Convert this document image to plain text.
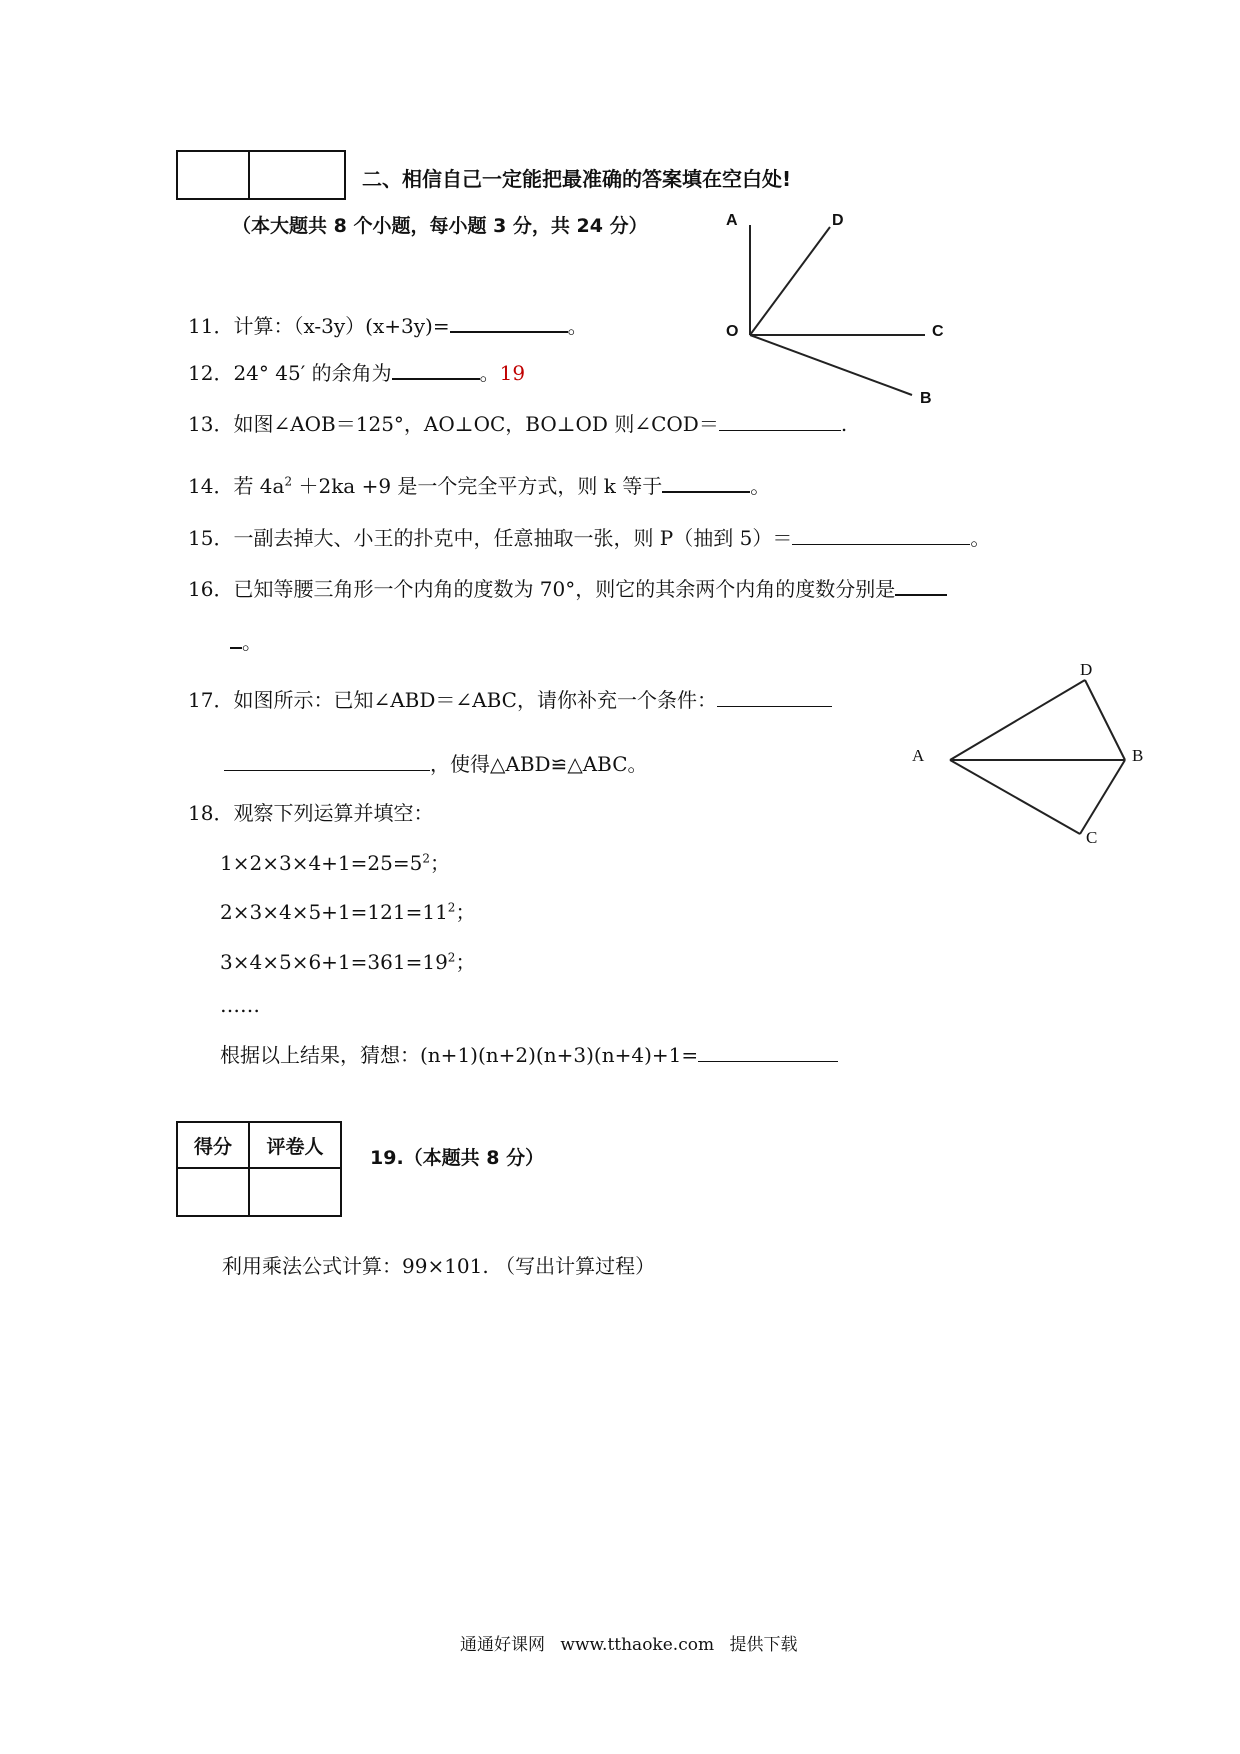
二、相信自己一定能把最准确的答案填在空白处!
（本大题共 8 个小题，每小题 3 分，共 24 分）	A	D
O	C
B
11．计算：（x-3y）(x+3y)=	。
12．24° 45′ 的余角为	。19
13．如图∠AOB＝125°，AO⊥OC，BO⊥OD 则∠COD＝	.
14．若 $4a^2 +2ka +9$ 是一个完全平方式，则 k 等于	。
15．一副去掉大、小王的扑克中，任意抽取一张，则 P（抽到 5）＝	。
16．已知等腰三角形一个内角的度数为 70°，则它的其余两个内角的度数分别是
。
17．如图所示：已知∠ABD＝∠ABC，请你补充一个条件：
，使得△ABD≌△ABC。	A	B
C
D
18．观察下列运算并填空：
$1\times 2\times 3\times 4+1=25=5^2$；
$2\times 3\times 4\times 5+1=121=11^2$；
$3\times 4\times 5\times 6+1=361=19^2$；
……
根据以上结果，猜想：(n+1)(n+2)(n+3)(n+4)+1=
得分	评卷人

19.（本题共 8 分）
利用乘法公式计算：99×101. （写出计算过程）
通通好课网 www.tthaoke.com 提供下载
